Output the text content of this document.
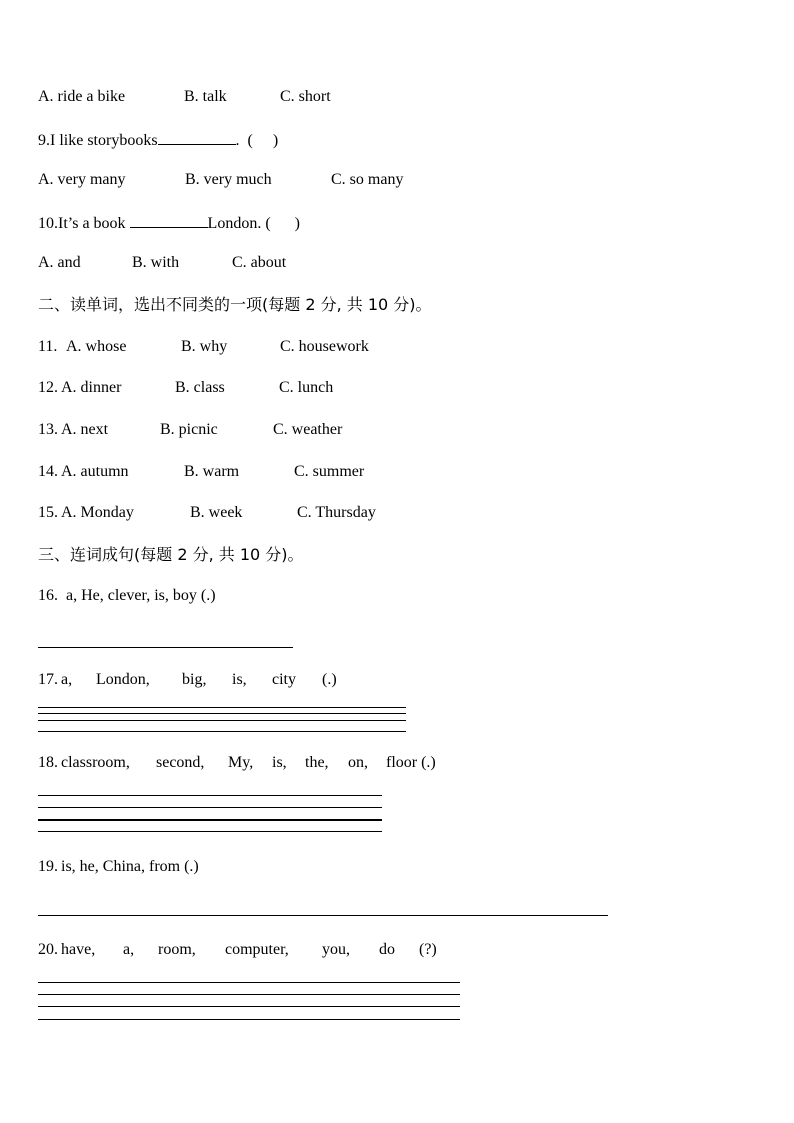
A. ride a bike	B. talk	C. short
9.I like storybooks	.  (     )
A. very many	B. very much	C. so many
10.It’s a book	London. (      )
A. and	B. with	C. about
二、读单词，选出不同类的一项(每题 2 分, 共 10 分)。
11. A. whose	B. why	C. housework
12. A. dinner	B. class	C. lunch
13. A. next	B. picnic	C. weather
14. A. autumn	B. warm	C. summer
15. A. Monday	B. week	C. Thursday
三、连词成句(每题 2 分, 共 10 分)。
16. a, He, clever, is, boy (.)
17. a, London, big, is, city (.)
18. classroom, second, My, is, the, on, floor (.)
19. is, he, China, from (.)
20. have, a, room, computer, you, do (?)
